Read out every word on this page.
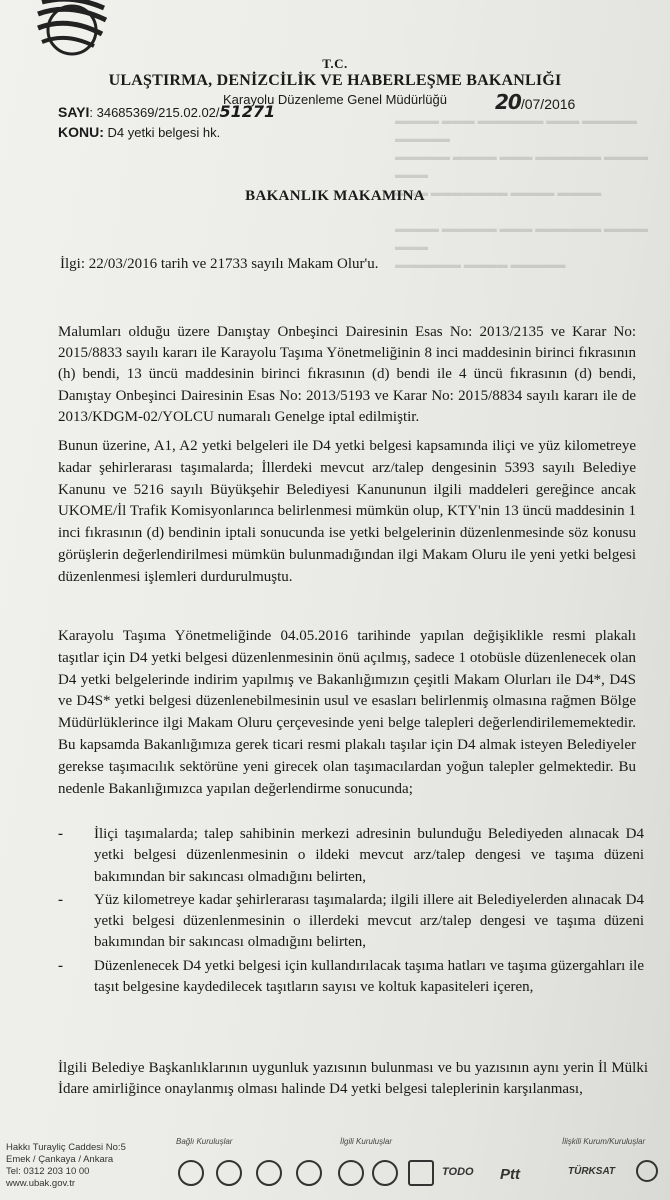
▬▬▬▬ ▬▬▬ ▬▬▬▬▬▬ ▬▬▬ ▬▬▬▬▬ ▬▬▬▬▬
▬▬▬▬▬ ▬▬▬▬ ▬▬▬ ▬▬▬▬▬▬ ▬▬▬▬ ▬▬▬
▬▬▬ ▬▬▬▬▬▬▬ ▬▬▬▬ ▬▬▬▬

▬▬▬▬ ▬▬▬▬▬ ▬▬▬ ▬▬▬▬▬▬ ▬▬▬▬ ▬▬▬
▬▬▬▬▬▬ ▬▬▬▬ ▬▬▬▬▬
T.C.
ULAŞTIRMA, DENİZCİLİK VE HABERLEŞME BAKANLIĞI
Karayolu Düzenleme Genel Müdürlüğü	20/07/2016
SAYI: 34685369/215.02.02/51271
KONU: D4 yetki belgesi hk.
BAKANLIK MAKAMINA
İlgi: 22/03/2016 tarih ve 21733 sayılı Makam Olur'u.
Malumları olduğu üzere Danıştay Onbeşinci Dairesinin Esas No: 2013/2135 ve Karar No: 2015/8833 sayılı kararı ile Karayolu Taşıma Yönetmeliğinin 8 inci maddesinin birinci fıkrasının (h) bendi, 13 üncü maddesinin birinci fıkrasının (d) bendi ile 4 üncü fıkrasının (d) bendi, Danıştay Onbeşinci Dairesinin Esas No: 2013/5193 ve Karar No: 2015/8834 sayılı kararı ile de 2013/KDGM-02/YOLCU numaralı Genelge iptal edilmiştir.
Bunun üzerine, A1, A2 yetki belgeleri ile D4 yetki belgesi kapsamında iliçi ve yüz kilometreye kadar şehirlerarası taşımalarda; İllerdeki mevcut arz/talep dengesinin 5393 sayılı Belediye Kanunu ve 5216 sayılı Büyükşehir Belediyesi Kanununun ilgili maddeleri gereğince ancak UKOME/İl Trafik Komisyonlarınca belirlenmesi mümkün olup, KTY'nin 13 üncü maddesinin 1 inci fıkrasının (d) bendinin iptali sonucunda ise yetki belgelerinin düzenlenmesinde söz konusu görüşlerin değerlendirilmesi mümkün bulunmadığından ilgi Makam Oluru ile yeni yetki belgesi düzenlenmesi işlemleri durdurulmuştu.
Karayolu Taşıma Yönetmeliğinde 04.05.2016 tarihinde yapılan değişiklikle resmi plakalı taşıtlar için D4 yetki belgesi düzenlenmesinin önü açılmış, sadece 1 otobüsle düzenlenecek olan D4 yetki belgelerinde indirim yapılmış ve Bakanlığımızın çeşitli Makam Olurları ile D4*, D4S ve D4S* yetki belgesi düzenlenebilmesinin usul ve esasları belirlenmiş olmasına rağmen Bölge Müdürlüklerince ilgi Makam Oluru çerçevesinde yeni belge talepleri değerlendirilememektedir. Bu kapsamda Bakanlığımıza gerek ticari resmi plakalı taşılar için D4 almak isteyen Belediyeler gerekse taşımacılık sektörüne yeni girecek olan taşımacılardan yoğun talepler gelmektedir. Bu nedenle Bakanlığımızca yapılan değerlendirme sonucunda;
- İliçi taşımalarda; talep sahibinin merkezi adresinin bulunduğu Belediyeden alınacak D4 yetki belgesi düzenlenmesinin o ildeki mevcut arz/talep dengesi ve taşıma düzeni bakımından bir sakıncası olmadığını belirten,
- Yüz kilometreye kadar şehirlerarası taşımalarda; ilgili illere ait Belediyelerden alınacak D4 yetki belgesi düzenlenmesinin o illerdeki mevcut arz/talep dengesi ve taşıma düzeni bakımından bir sakıncası olmadığını belirten,
- Düzenlenecek D4 yetki belgesi için kullandırılacak taşıma hatları ve taşıma güzergahları ile taşıt belgesine kaydedilecek taşıtların sayısı ve koltuk kapasiteleri içeren,
İlgili Belediye Başkanlıklarının uygunluk yazısının bulunması ve bu yazısının aynı yerin İl Mülki İdare amirliğince onaylanmış olması halinde D4 yetki belgesi taleplerinin karşılanması,
Hakkı Turayliç Caddesi No:5
Emek / Çankaya / Ankara
Tel: 0312 203 10 00
www.ubak.gov.tr
Bağlı Kuruluşlar	İlgili Kuruluşlar	İlişkili Kurum/Kuruluşlar
TODO Ptt	TÜRKSAT
